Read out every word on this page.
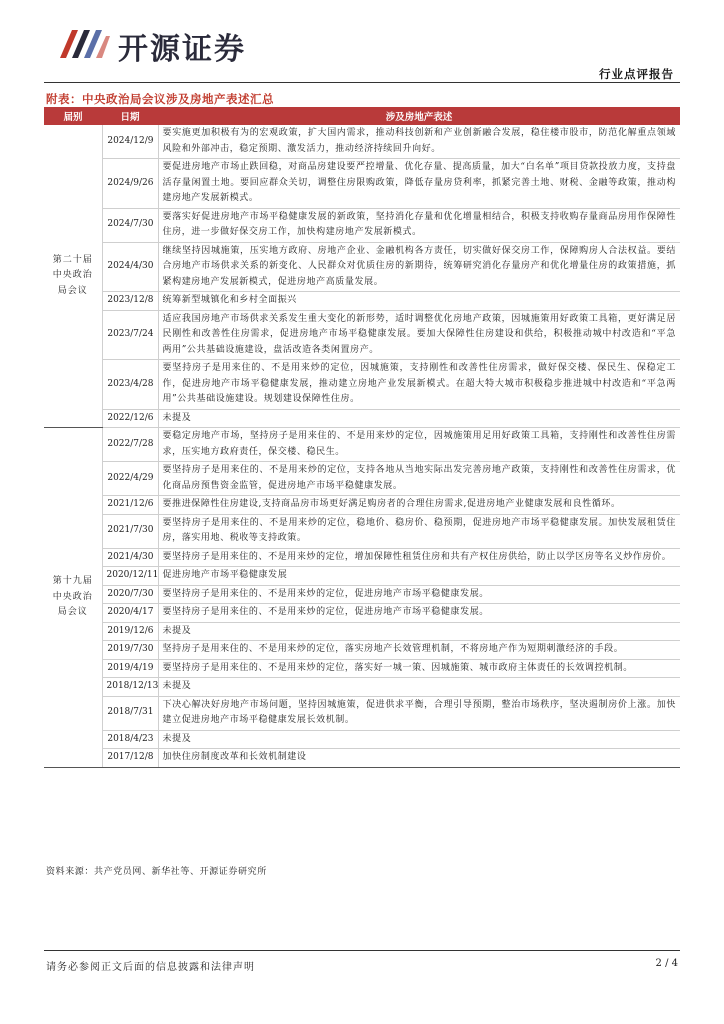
开源证券
行业点评报告
附表：中央政治局会议涉及房地产表述汇总
届别	日期	涉及房地产表述
第二十届中央政治局会议	2024/12/9	要实施更加积极有为的宏观政策，扩大国内需求，推动科技创新和产业创新融合发展，稳住楼市股市，防范化解重点领域风险和外部冲击，稳定预期、激发活力，推动经济持续回升向好。
	2024/9/26	要促进房地产市场止跌回稳，对商品房建设要严控增量、优化存量、提高质量，加大“白名单”项目贷款投放力度，支持盘活存量闲置土地。要回应群众关切，调整住房限购政策，降低存量房贷利率，抓紧完善土地、财税、金融等政策，推动构建房地产发展新模式。
	2024/7/30	要落实好促进房地产市场平稳健康发展的新政策，坚持消化存量和优化增量相结合，积极支持收购存量商品房用作保障性住房，进一步做好保交房工作，加快构建房地产发展新模式。
	2024/4/30	继续坚持因城施策，压实地方政府、房地产企业、金融机构各方责任，切实做好保交房工作，保障购房人合法权益。要结合房地产市场供求关系的新变化、人民群众对优质住房的新期待，统筹研究消化存量房产和优化增量住房的政策措施，抓紧构建房地产发展新模式，促进房地产高质量发展。
	2023/12/8	统筹新型城镇化和乡村全面振兴
	2023/7/24	适应我国房地产市场供求关系发生重大变化的新形势，适时调整优化房地产政策，因城施策用好政策工具箱，更好满足居民刚性和改善性住房需求，促进房地产市场平稳健康发展。要加大保障性住房建设和供给，积极推动城中村改造和“平急两用”公共基础设施建设，盘活改造各类闲置房产。
	2023/4/28	要坚持房子是用来住的、不是用来炒的定位，因城施策，支持刚性和改善性住房需求，做好保交楼、保民生、保稳定工作，促进房地产市场平稳健康发展，推动建立房地产业发展新模式。在超大特大城市积极稳步推进城中村改造和“平急两用”公共基础设施建设。规划建设保障性住房。
	2022/12/6	未提及
第十九届中央政治局会议	2022/7/28	要稳定房地产市场，坚持房子是用来住的、不是用来炒的定位，因城施策用足用好政策工具箱，支持刚性和改善性住房需求，压实地方政府责任，保交楼、稳民生。
	2022/4/29	要坚持房子是用来住的、不是用来炒的定位，支持各地从当地实际出发完善房地产政策，支持刚性和改善性住房需求，优化商品房预售资金监管，促进房地产市场平稳健康发展。
	2021/12/6	要推进保障性住房建设,支持商品房市场更好满足购房者的合理住房需求,促进房地产业健康发展和良性循环。
	2021/7/30	要坚持房子是用来住的、不是用来炒的定位，稳地价、稳房价、稳预期，促进房地产市场平稳健康发展。加快发展租赁住房，落实用地、税收等支持政策。
	2021/4/30	要坚持房子是用来住的、不是用来炒的定位，增加保障性租赁住房和共有产权住房供给，防止以学区房等名义炒作房价。
	2020/12/11	促进房地产市场平稳健康发展
	2020/7/30	要坚持房子是用来住的、不是用来炒的定位，促进房地产市场平稳健康发展。
	2020/4/17	要坚持房子是用来住的、不是用来炒的定位，促进房地产市场平稳健康发展。
	2019/12/6	未提及
	2019/7/30	坚持房子是用来住的、不是用来炒的定位，落实房地产长效管理机制，不将房地产作为短期刺激经济的手段。
	2019/4/19	要坚持房子是用来住的、不是用来炒的定位，落实好一城一策、因城施策、城市政府主体责任的长效调控机制。
	2018/12/13	未提及
	2018/7/31	下决心解决好房地产市场问题，坚持因城施策，促进供求平衡，合理引导预期，整治市场秩序，坚决遏制房价上涨。加快建立促进房地产市场平稳健康发展长效机制。
	2018/4/23	未提及
	2017/12/8	加快住房制度改革和长效机制建设
资料来源：共产党员网、新华社等、开源证券研究所
请务必参阅正文后面的信息披露和法律声明	2 / 4
